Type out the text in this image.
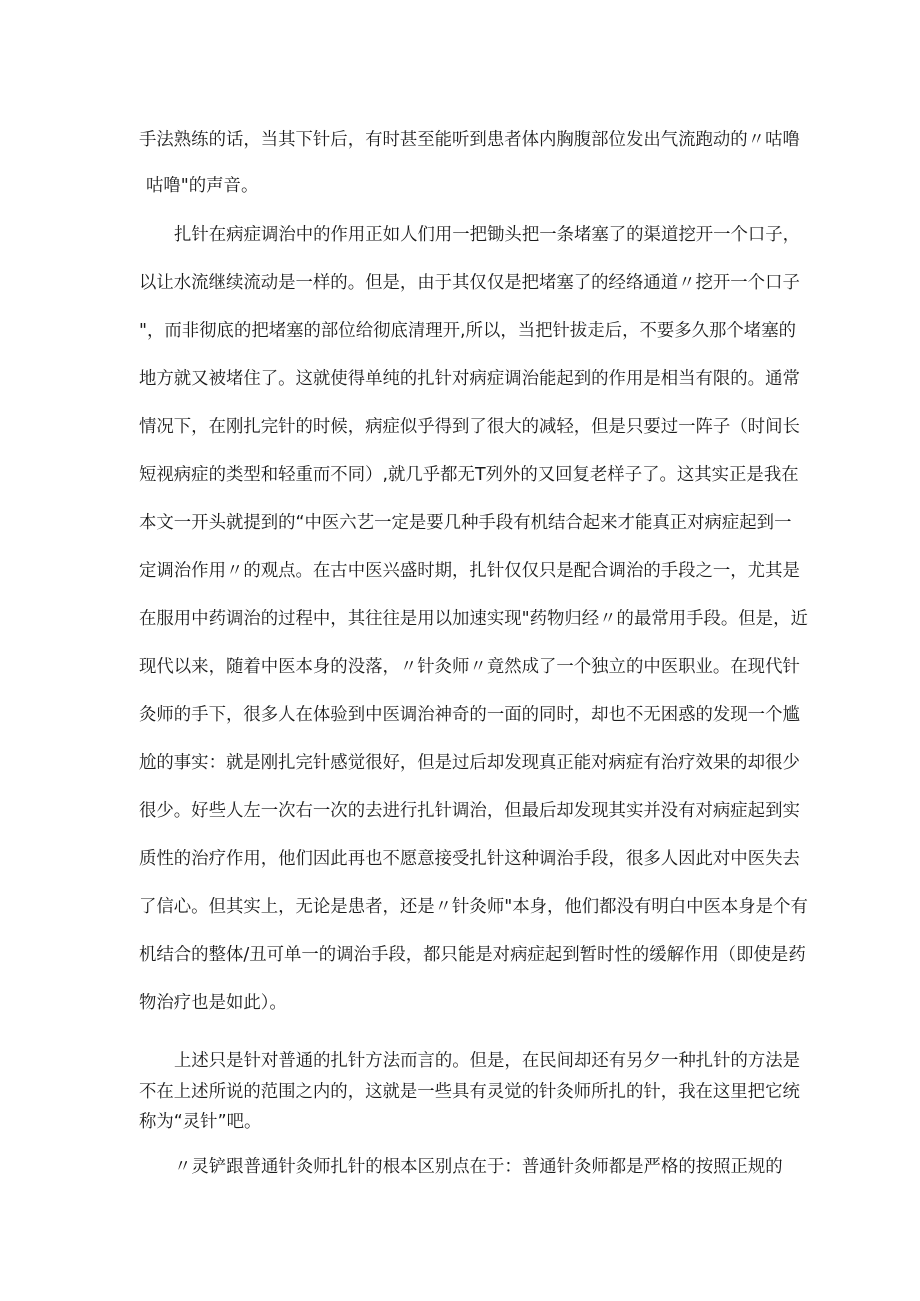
手法熟练的话，当其下针后，有时甚至能听到患者体内胸腹部位发出气流跑动的〃咕噜
咕噜"的声音。
扎针在病症调治中的作用正如人们用一把锄头把一条堵塞了的渠道挖开一个口子，
以让水流继续流动是一样的。但是，由于其仅仅是把堵塞了的经络通道〃挖开一个口子
"，而非彻底的把堵塞的部位给彻底清理开,所以，当把针拔走后，不要多久那个堵塞的
地方就又被堵住了。这就使得单纯的扎针对病症调治能起到的作用是相当有限的。通常
情况下，在刚扎完针的时候，病症似乎得到了很大的减轻，但是只要过一阵子（时间长
短视病症的类型和轻重而不同）,就几乎都无T列外的又回复老样子了。这其实正是我在
本文一开头就提到的“中医六艺一定是要几种手段有机结合起来才能真正对病症起到一
定调治作用〃的观点。在古中医兴盛时期，扎针仅仅只是配合调治的手段之一，尤其是
在服用中药调治的过程中，其往往是用以加速实现"药物归经〃的最常用手段。但是，近
现代以来，随着中医本身的没落，〃针灸师〃竟然成了一个独立的中医职业。在现代针
灸师的手下，很多人在体验到中医调治神奇的一面的同时，却也不无困惑的发现一个尴
尬的事实：就是刚扎完针感觉很好，但是过后却发现真正能对病症有治疗效果的却很少
很少。好些人左一次右一次的去进行扎针调治，但最后却发现其实并没有对病症起到实
质性的治疗作用，他们因此再也不愿意接受扎针这种调治手段，很多人因此对中医失去
了信心。但其实上，无论是患者，还是〃针灸师"本身，他们都没有明白中医本身是个有
机结合的整体/丑可单一的调治手段，都只能是对病症起到暂时性的缓解作用（即使是药
物治疗也是如此）。
上述只是针对普通的扎针方法而言的。但是，在民间却还有另夕一种扎针的方法是
不在上述所说的范围之内的，这就是一些具有灵觉的针灸师所扎的针，我在这里把它统
称为“灵针”吧。
〃灵铲跟普通针灸师扎针的根本区别点在于：普通针灸师都是严格的按照正规的
